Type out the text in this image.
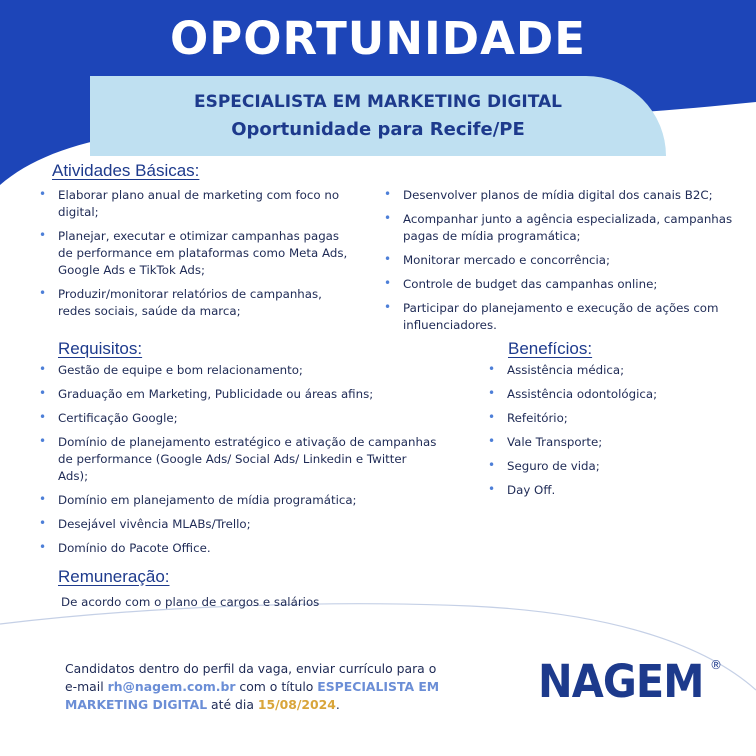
OPORTUNIDADE
ESPECIALISTA EM MARKETING DIGITAL
Oportunidade para Recife/PE
Atividades Básicas:
• Elaborar plano anual de marketing com foco no digital;
• Planejar, executar e otimizar campanhas pagas de performance em plataformas como Meta Ads, Google Ads e TikTok Ads;
• Produzir/monitorar relatórios de campanhas, redes sociais, saúde da marca;
• Desenvolver planos de mídia digital dos canais B2C;
• Acompanhar junto a agência especializada, campanhas pagas de mídia programática;
• Monitorar mercado e concorrência;
• Controle de budget das campanhas online;
• Participar do planejamento e execução de ações com influenciadores.
Requisitos:
• Gestão de equipe e bom relacionamento;
• Graduação em Marketing, Publicidade ou áreas afins;
• Certificação Google;
• Domínio de planejamento estratégico e ativação de campanhas de performance (Google Ads/ Social Ads/ Linkedin e Twitter Ads);
• Domínio em planejamento de mídia programática;
• Desejável vivência MLABs/Trello;
• Domínio do Pacote Office.
Benefícios:
• Assistência médica;
• Assistência odontológica;
• Refeitório;
• Vale Transporte;
• Seguro de vida;
• Day Off.
Remuneração:
De acordo com o plano de cargos e salários
Candidatos dentro do perfil da vaga, enviar currículo para o e-mail rh@nagem.com.br com o título ESPECIALISTA EM MARKETING DIGITAL até dia 15/08/2024.	NAGEM ®
